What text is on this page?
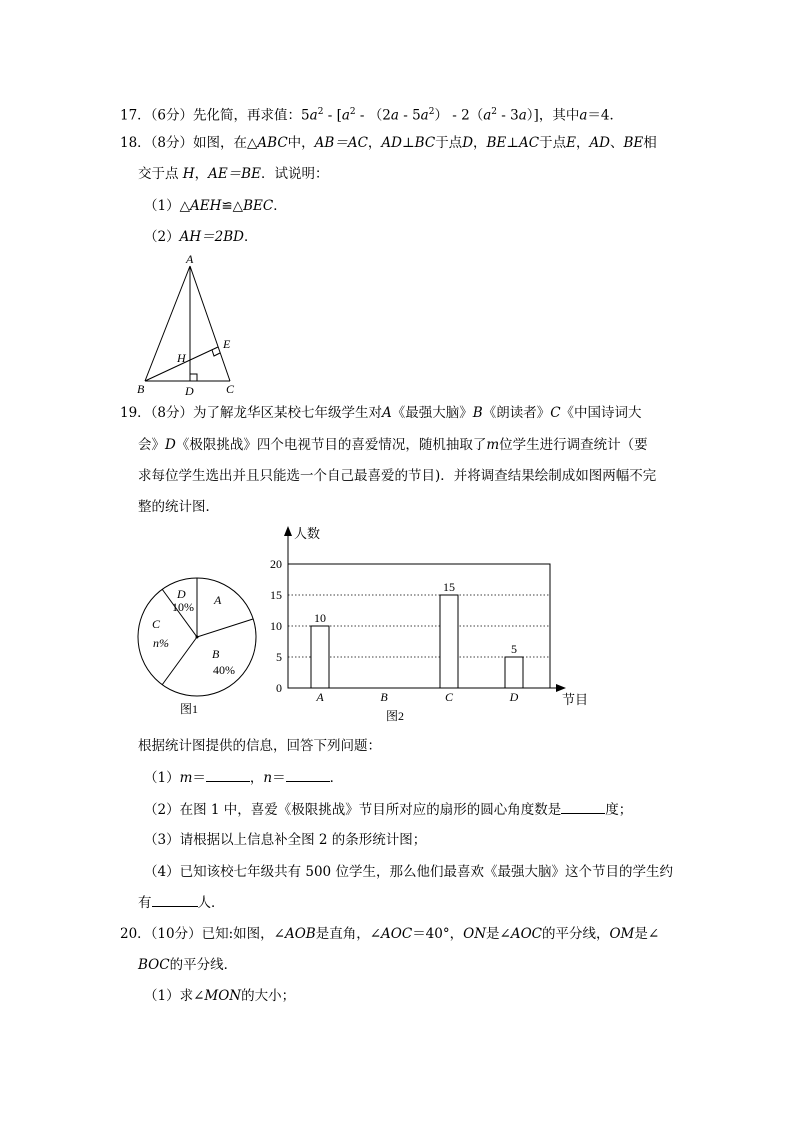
17．（6分）先化简，再求值：$5a^2 - [a^2 - (2a - 5a^2) - 2(a^2 - 3a)]$，其中a＝4．
18．（8分）如图，在△ABC中，AB＝AC，AD⊥BC于点D，BE⊥AC于点E，AD、BE相
交于点 H，AE＝BE．试说明：
（1）△AEH≌△BEC．
（2）AH＝2BD．
A
B	C
D
E
H
19．（8分）为了解龙华区某校七年级学生对A《最强大脑》B《朗读者》C《中国诗词大
会》D《极限挑战》四个电视节目的喜爱情况，随机抽取了m位学生进行调查统计（要
求每位学生选出并且只能选一个自己最喜爱的节目)．并将调查结果绘制成如图两幅不完
整的统计图．
A
B
40%
C
n%
D
10%
图1
人数
节目
图2
0
5
10
15
20
A
10
B	C
15
D
5
根据统计图提供的信息，回答下列问题：
（1）m＝	，n＝	．
（2）在图 1 中，喜爱《极限挑战》节目所对应的扇形的圆心角度数是	度；
（3）请根据以上信息补全图 2 的条形统计图；
（4）已知该校七年级共有 500 位学生，那么他们最喜欢《最强大脑》这个节目的学生约
有	人．
20．（10分）已知:如图，∠AOB是直角，∠AOC＝40°，ON是∠AOC的平分线，OM是∠
BOC的平分线．
（1）求∠MON的大小；
